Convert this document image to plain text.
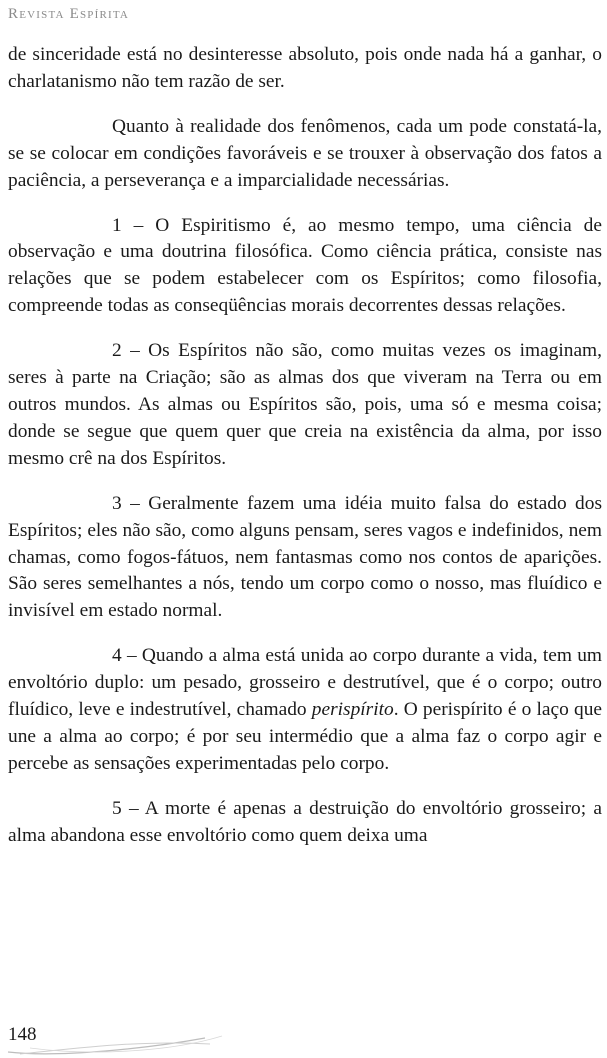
Revista Espírita

de sinceridade está no desinteresse absoluto, pois onde nada há a ganhar, o charlatanismo não tem razão de ser.

Quanto à realidade dos fenômenos, cada um pode constatá-la, se se colocar em condições favoráveis e se trouxer à observação dos fatos a paciência, a perseverança e a imparcialidade necessárias.

1 – O Espiritismo é, ao mesmo tempo, uma ciência de observação e uma doutrina filosófica. Como ciência prática, consiste nas relações que se podem estabelecer com os Espíritos; como filosofia, compreende todas as conseqüências morais decorrentes dessas relações.

2 – Os Espíritos não são, como muitas vezes os imaginam, seres à parte na Criação; são as almas dos que viveram na Terra ou em outros mundos. As almas ou Espíritos são, pois, uma só e mesma coisa; donde se segue que quem quer que creia na existência da alma, por isso mesmo crê na dos Espíritos.

3 – Geralmente fazem uma idéia muito falsa do estado dos Espíritos; eles não são, como alguns pensam, seres vagos e indefinidos, nem chamas, como fogos-fátuos, nem fantasmas como nos contos de aparições. São seres semelhantes a nós, tendo um corpo como o nosso, mas fluídico e invisível em estado normal.

4 – Quando a alma está unida ao corpo durante a vida, tem um envoltório duplo: um pesado, grosseiro e destrutível, que é o corpo; outro fluídico, leve e indestrutível, chamado perispírito. O perispírito é o laço que une a alma ao corpo; é por seu intermédio que a alma faz o corpo agir e percebe as sensações experimentadas pelo corpo.

5 – A morte é apenas a destruição do envoltório grosseiro; a alma abandona esse envoltório como quem deixa uma

148
